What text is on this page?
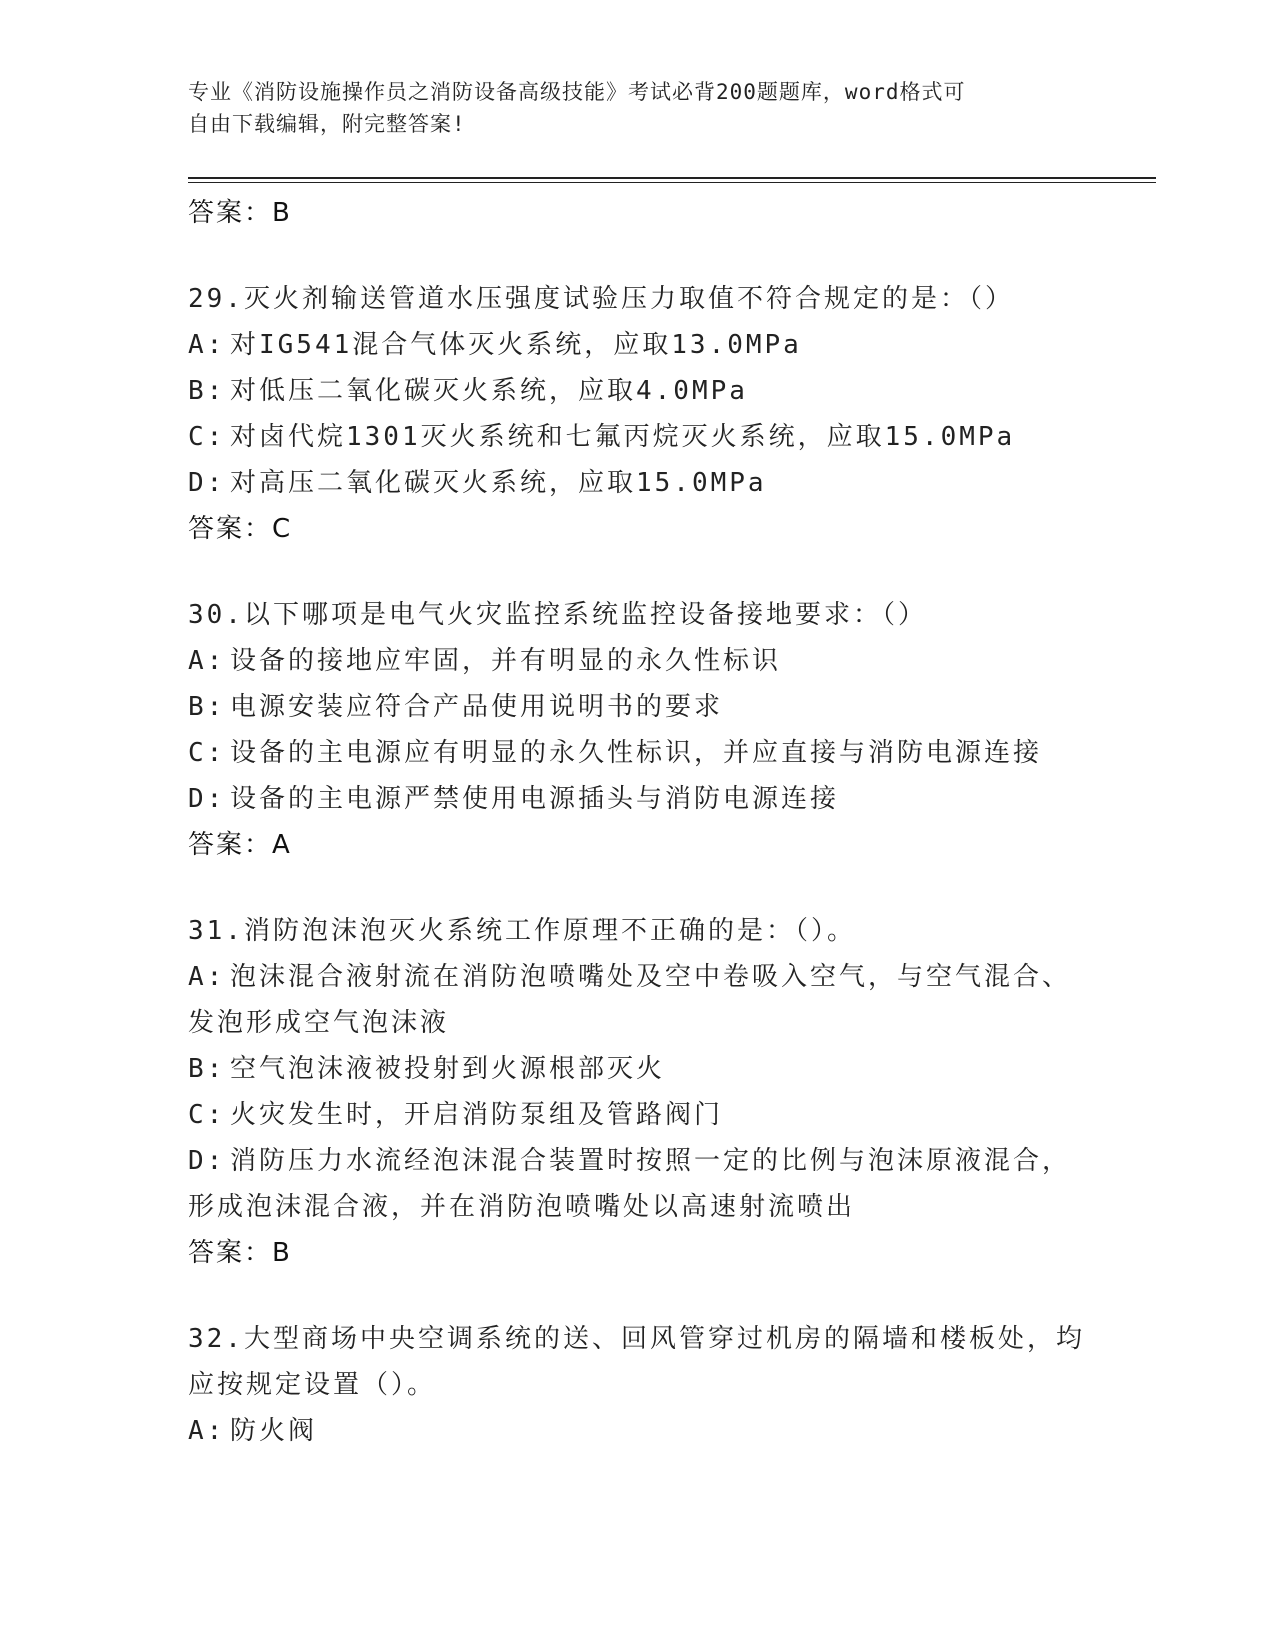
专业《消防设施操作员之消防设备高级技能》考试必背200题题库，word格式可
自由下载编辑，附完整答案!
答案：B
29.灭火剂输送管道水压强度试验压力取值不符合规定的是：（）
A: 对IG541混合气体灭火系统，应取13.0MPa
B: 对低压二氧化碳灭火系统，应取4.0MPa
C: 对卤代烷1301灭火系统和七氟丙烷灭火系统，应取15.0MPa
D: 对高压二氧化碳灭火系统，应取15.0MPa
答案：C
30.以下哪项是电气火灾监控系统监控设备接地要求：（）
A: 设备的接地应牢固，并有明显的永久性标识
B: 电源安装应符合产品使用说明书的要求
C: 设备的主电源应有明显的永久性标识，并应直接与消防电源连接
D: 设备的主电源严禁使用电源插头与消防电源连接
答案：A
31.消防泡沫泡灭火系统工作原理不正确的是：（）。
A: 泡沫混合液射流在消防泡喷嘴处及空中卷吸入空气，与空气混合、
发泡形成空气泡沫液
B: 空气泡沫液被投射到火源根部灭火
C: 火灾发生时，开启消防泵组及管路阀门
D: 消防压力水流经泡沫混合装置时按照一定的比例与泡沫原液混合，
形成泡沫混合液，并在消防泡喷嘴处以高速射流喷出
答案：B
32.大型商场中央空调系统的送、回风管穿过机房的隔墙和楼板处，均
应按规定设置（）。
A: 防火阀
